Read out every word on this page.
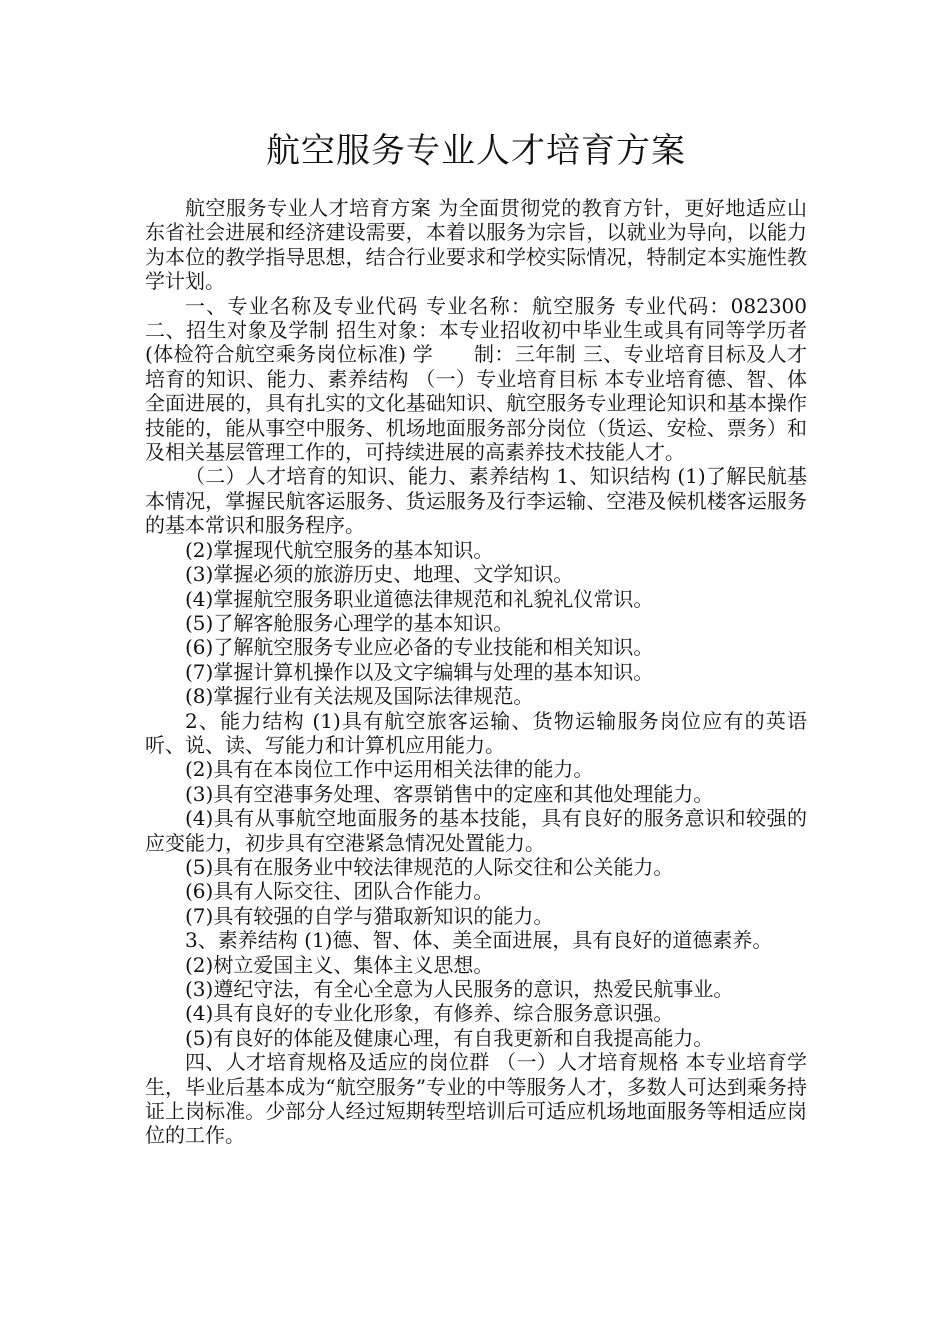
航空服务专业人才培育方案

航空服务专业人才培育方案 为全面贯彻党的教育方针，更好地适应山东省社会进展和经济建设需要，本着以服务为宗旨，以就业为导向，以能力为本位的教学指导思想，结合行业要求和学校实际情况，特制定本实施性教学计划。

一、专业名称及专业代码 专业名称：航空服务 专业代码：082300 二、招生对象及学制 招生对象：本专业招收初中毕业生或具有同等学历者(体检符合航空乘务岗位标准) 学　　制：三年制 三、专业培育目标及人才培育的知识、能力、素养结构 （一）专业培育目标 本专业培育德、智、体全面进展的，具有扎实的文化基础知识、航空服务专业理论知识和基本操作技能的，能从事空中服务、机场地面服务部分岗位（货运、安检、票务）和及相关基层管理工作的，可持续进展的高素养技术技能人才。

（二）人才培育的知识、能力、素养结构 1、知识结构 (1)了解民航基本情况，掌握民航客运服务、货运服务及行李运输、空港及候机楼客运服务的基本常识和服务程序。

(2)掌握现代航空服务的基本知识。

(3)掌握必须的旅游历史、地理、文学知识。

(4)掌握航空服务职业道德法律规范和礼貌礼仪常识。

(5)了解客舱服务心理学的基本知识。

(6)了解航空服务专业应必备的专业技能和相关知识。

(7)掌握计算机操作以及文字编辑与处理的基本知识。

(8)掌握行业有关法规及国际法律规范。

2、能力结构 (1)具有航空旅客运输、货物运输服务岗位应有的英语听、说、读、写能力和计算机应用能力。

(2)具有在本岗位工作中运用相关法律的能力。

(3)具有空港事务处理、客票销售中的定座和其他处理能力。

(4)具有从事航空地面服务的基本技能，具有良好的服务意识和较强的应变能力，初步具有空港紧急情况处置能力。

(5)具有在服务业中较法律规范的人际交往和公关能力。

(6)具有人际交往、团队合作能力。

(7)具有较强的自学与猎取新知识的能力。

3、素养结构 (1)德、智、体、美全面进展，具有良好的道德素养。

(2)树立爱国主义、集体主义思想。

(3)遵纪守法，有全心全意为人民服务的意识，热爱民航事业。

(4)具有良好的专业化形象，有修养、综合服务意识强。

(5)有良好的体能及健康心理，有自我更新和自我提高能力。

四、人才培育规格及适应的岗位群 （一）人才培育规格 本专业培育学生，毕业后基本成为“航空服务”专业的中等服务人才，多数人可达到乘务持证上岗标准。少部分人经过短期转型培训后可适应机场地面服务等相适应岗位的工作。
